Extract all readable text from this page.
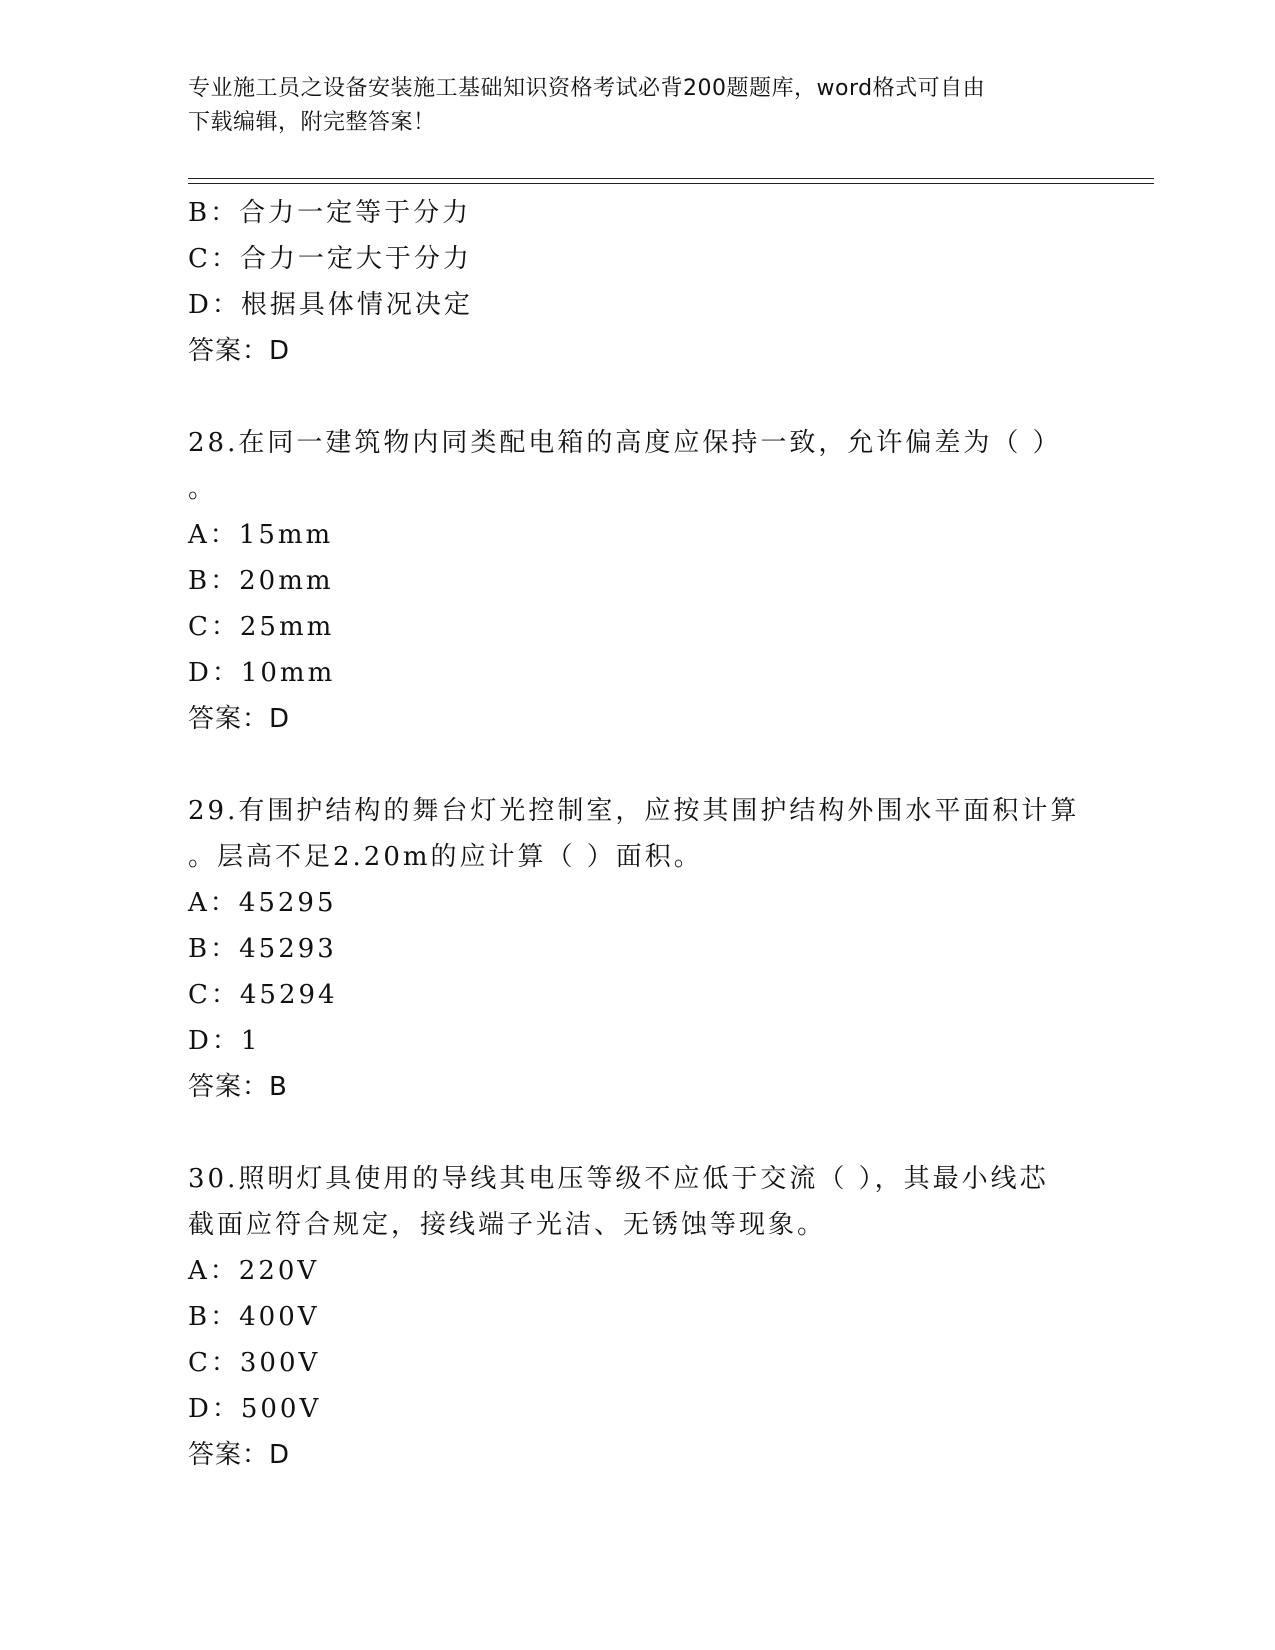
专业施工员之设备安装施工基础知识资格考试必背200题题库，word格式可自由
下载编辑，附完整答案！
B：合力一定等于分力
C：合力一定大于分力
D：根据具体情况决定
答案：D
28.在同一建筑物内同类配电箱的高度应保持一致，允许偏差为（ ）
。
A：15mm
B：20mm
C：25mm
D：10mm
答案：D
29.有围护结构的舞台灯光控制室，应按其围护结构外围水平面积计算
。层高不足2.20m的应计算（ ）面积。
A：45295
B：45293
C：45294
D：1
答案：B
30.照明灯具使用的导线其电压等级不应低于交流（ ），其最小线芯
截面应符合规定，接线端子光洁、无锈蚀等现象。
A：220V
B：400V
C：300V
D：500V
答案：D
